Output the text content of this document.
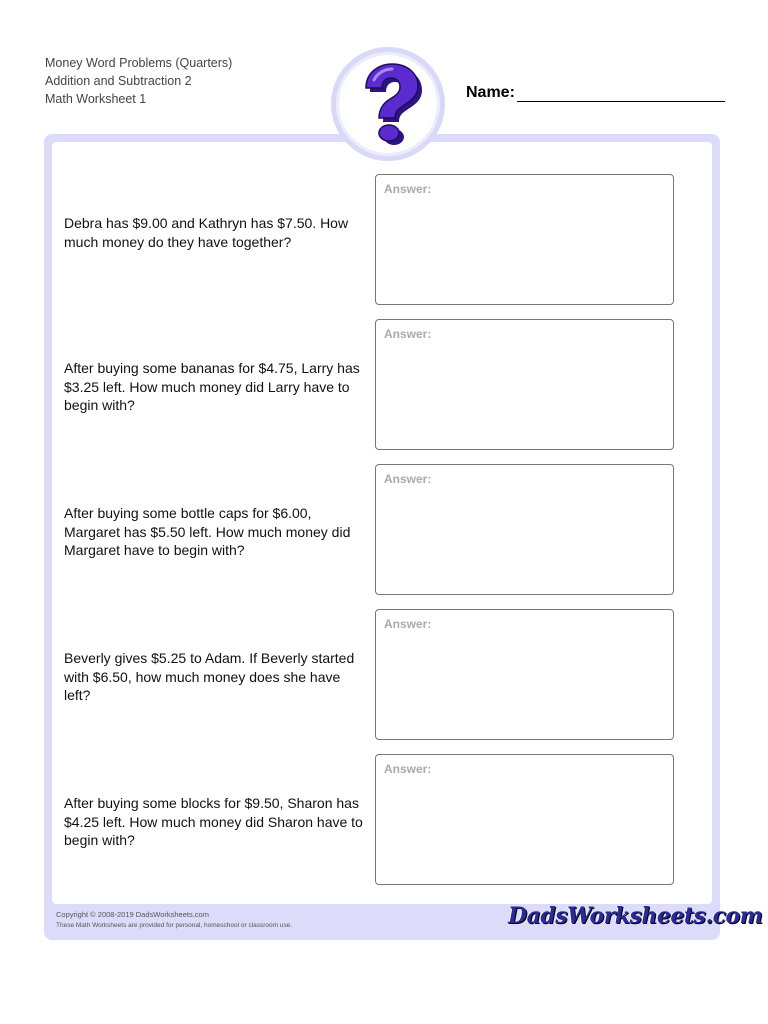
Money Word Problems (Quarters)
Addition and Subtraction 2
Math Worksheet 1	Name:
Debra has $9.00 and Kathryn has $7.50. How much money do they have together?
Answer:
After buying some bananas for $4.75, Larry has $3.25 left. How much money did Larry have to begin with?
Answer:
After buying some bottle caps for $6.00, Margaret has $5.50 left. How much money did Margaret have to begin with?
Answer:
Beverly gives $5.25 to Adam. If Beverly started with $6.50, how much money does she have left?
Answer:
After buying some blocks for $9.50, Sharon has $4.25 left. How much money did Sharon have to begin with?
Answer:
Copyright © 2008-2019 DadsWorksheets.com
These Math Worksheets are provided for personal, homeschool or classroom use.	DadsWorksheets.com
